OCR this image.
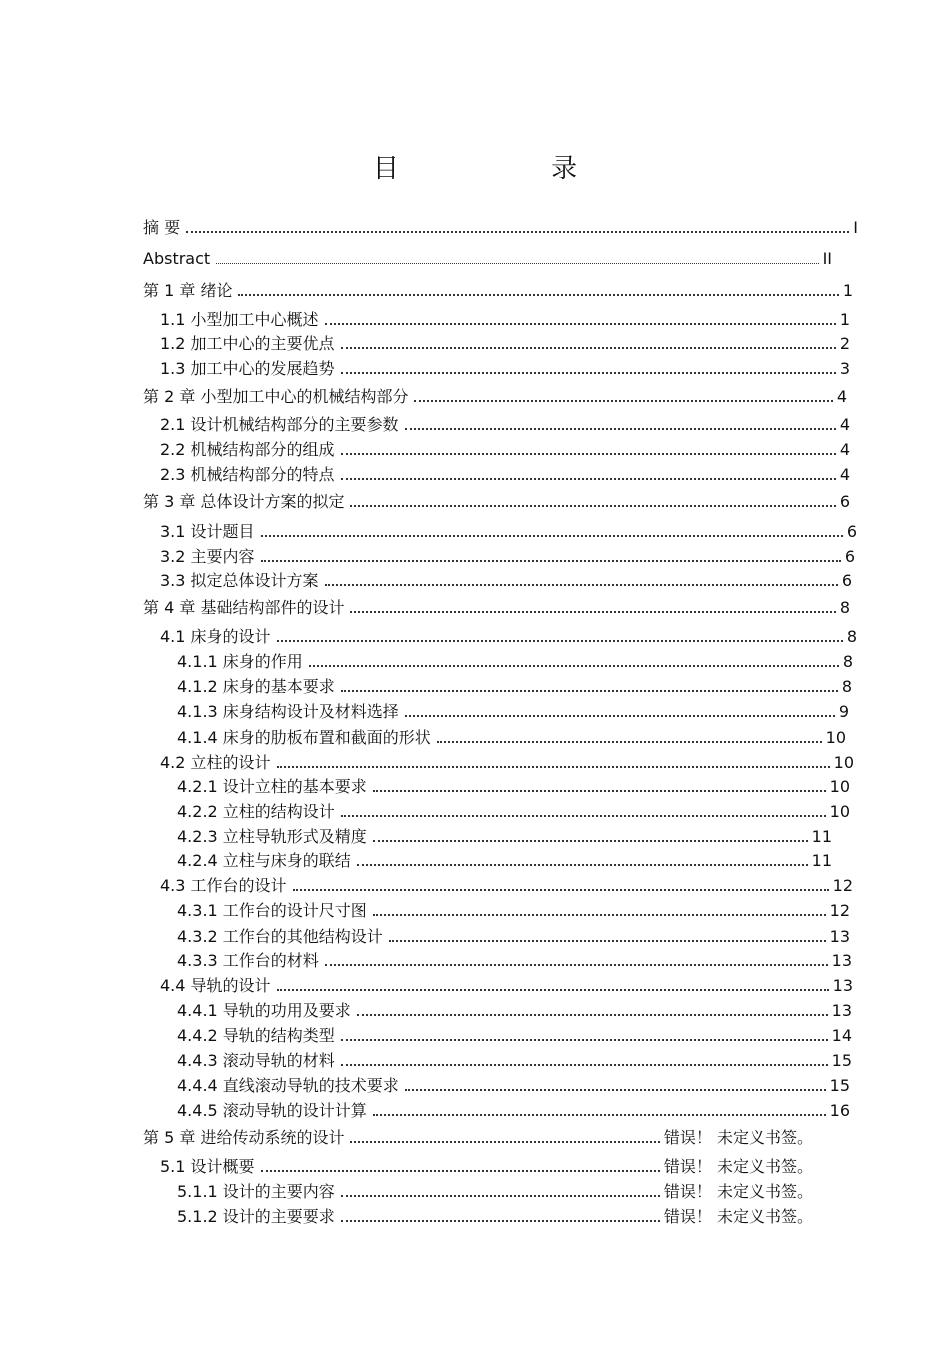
目 录
摘 要	I
Abstract	II
第 1 章 绪论	1
1.1 小型加工中心概述	1
1.2 加工中心的主要优点	2
1.3 加工中心的发展趋势	3
第 2 章 小型加工中心的机械结构部分	4
2.1 设计机械结构部分的主要参数	4
2.2 机械结构部分的组成	4
2.3 机械结构部分的特点	4
第 3 章 总体设计方案的拟定	6
3.1 设计题目	6
3.2 主要内容	6
3.3 拟定总体设计方案	6
第 4 章 基础结构部件的设计	8
4.1 床身的设计	8
4.1.1 床身的作用	8
4.1.2 床身的基本要求	8
4.1.3 床身结构设计及材料选择	9
4.1.4 床身的肋板布置和截面的形状	10
4.2 立柱的设计	10
4.2.1 设计立柱的基本要求	10
4.2.2 立柱的结构设计	10
4.2.3 立柱导轨形式及精度	11
4.2.4 立柱与床身的联结	11
4.3 工作台的设计	12
4.3.1 工作台的设计尺寸图	12
4.3.2 工作台的其他结构设计	13
4.3.3 工作台的材料	13
4.4 导轨的设计	13
4.4.1 导轨的功用及要求	13
4.4.2 导轨的结构类型	14
4.4.3 滚动导轨的材料	15
4.4.4 直线滚动导轨的技术要求	15
4.4.5 滚动导轨的设计计算	16
第 5 章 进给传动系统的设计	错误！ 未定义书签。
5.1 设计概要	错误！ 未定义书签。
5.1.1 设计的主要内容	错误！ 未定义书签。
5.1.2 设计的主要要求	错误！ 未定义书签。
